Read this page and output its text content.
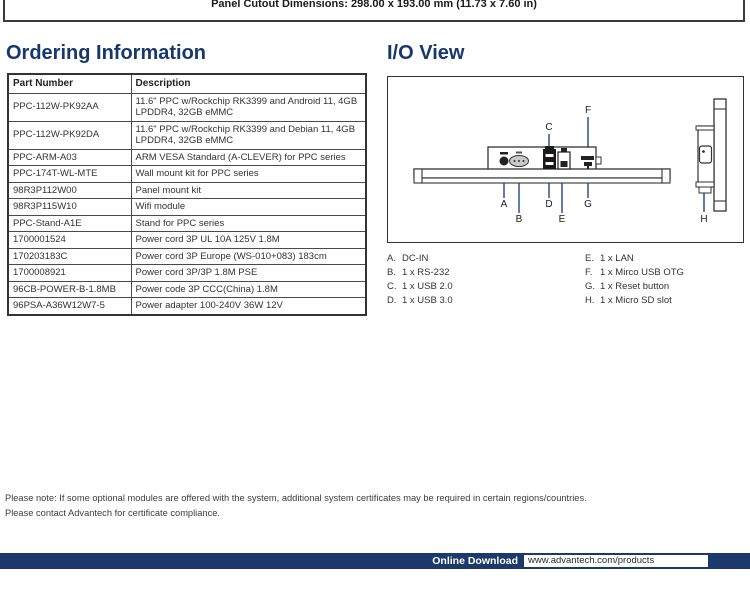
Panel Cutout Dimensions: 298.00 x 193.00 mm (11.73 x 7.60 in)
Ordering Information	I/O View
Part Number	Description
PPC-112W-PK92AA	11.6" PPC w/Rockchip RK3399 and Android 11, 4GB LPDDR4, 32GB eMMC
PPC-112W-PK92DA	11.6" PPC w/Rockchip RK3399 and Debian 11, 4GB LPDDR4, 32GB eMMC
PPC-ARM-A03	ARM VESA Standard (A-CLEVER) for PPC series
PPC-174T-WL-MTE	Wall mount kit for PPC series
98R3P112W00	Panel mount kit
98R3P115W10	Wifi module
PPC-Stand-A1E	Stand for PPC series
1700001524	Power cord 3P UL 10A 125V 1.8M
170203183C	Power cord 3P Europe (WS-010+083) 183cm
1700008921	Power cord 3P/3P 1.8M PSE
96CB-POWER-B-1.8MB	Power code 3P CCC(China) 1.8M
96PSA-A36W12W7-5	Power adapter 100-240V 36W 12V
A
B
C
D
E
F
G
H
A. DC-IN
B. 1 x RS-232
C. 1 x USB 2.0
D. 1 x USB 3.0
E. 1 x LAN
F. 1 x Mirco USB OTG
G. 1 x Reset button
H. 1 x Micro SD slot
Please note: If some optional modules are offered with the system, additional system certificates may be required in certain regions/countries.
Please contact Advantech for certificate compliance.
Online Download	www.advantech.com/products
